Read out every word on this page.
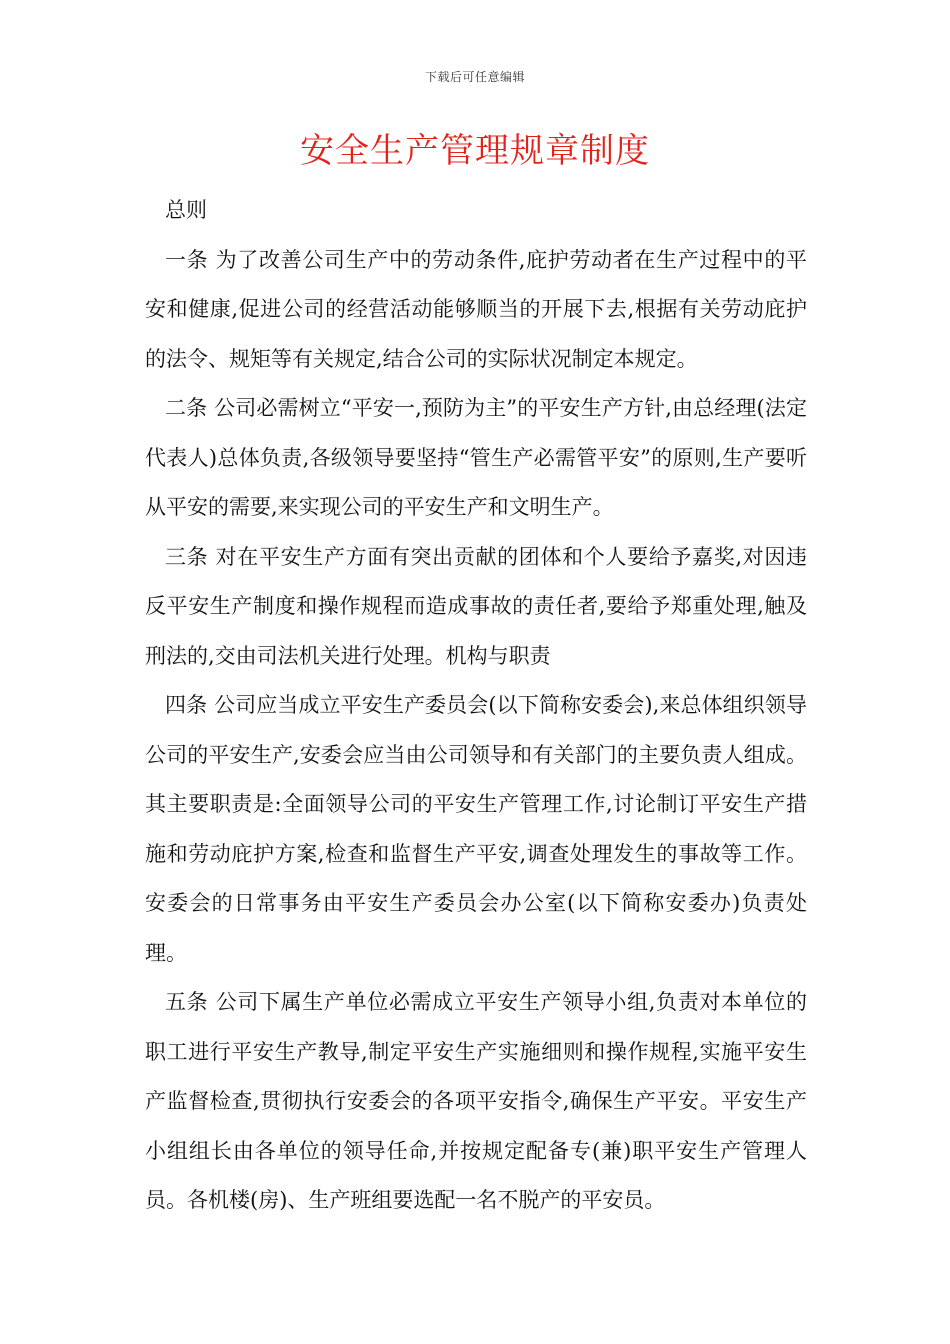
下载后可任意编辑
安全生产管理规章制度

总则

一条 为了改善公司生产中的劳动条件,庇护劳动者在生产过程中的平安和健康,促进公司的经营活动能够顺当的开展下去,根据有关劳动庇护的法令、规矩等有关规定,结合公司的实际状况制定本规定。

二条 公司必需树立“平安一,预防为主”的平安生产方针,由总经理(法定代表人)总体负责,各级领导要坚持“管生产必需管平安”的原则,生产要听从平安的需要,来实现公司的平安生产和文明生产。

三条 对在平安生产方面有突出贡献的团体和个人要给予嘉奖,对因违反平安生产制度和操作规程而造成事故的责任者,要给予郑重处理,触及刑法的,交由司法机关进行处理。机构与职责

四条 公司应当成立平安生产委员会(以下简称安委会),来总体组织领导公司的平安生产,安委会应当由公司领导和有关部门的主要负责人组成。其主要职责是:全面领导公司的平安生产管理工作,讨论制订平安生产措施和劳动庇护方案,检查和监督生产平安,调查处理发生的事故等工作。安委会的日常事务由平安生产委员会办公室(以下简称安委办)负责处理。

五条 公司下属生产单位必需成立平安生产领导小组,负责对本单位的职工进行平安生产教导,制定平安生产实施细则和操作规程,实施平安生产监督检查,贯彻执行安委会的各项平安指令,确保生产平安。平安生产小组组长由各单位的领导任命,并按规定配备专(兼)职平安生产管理人员。各机楼(房)、生产班组要选配一名不脱产的平安员。
